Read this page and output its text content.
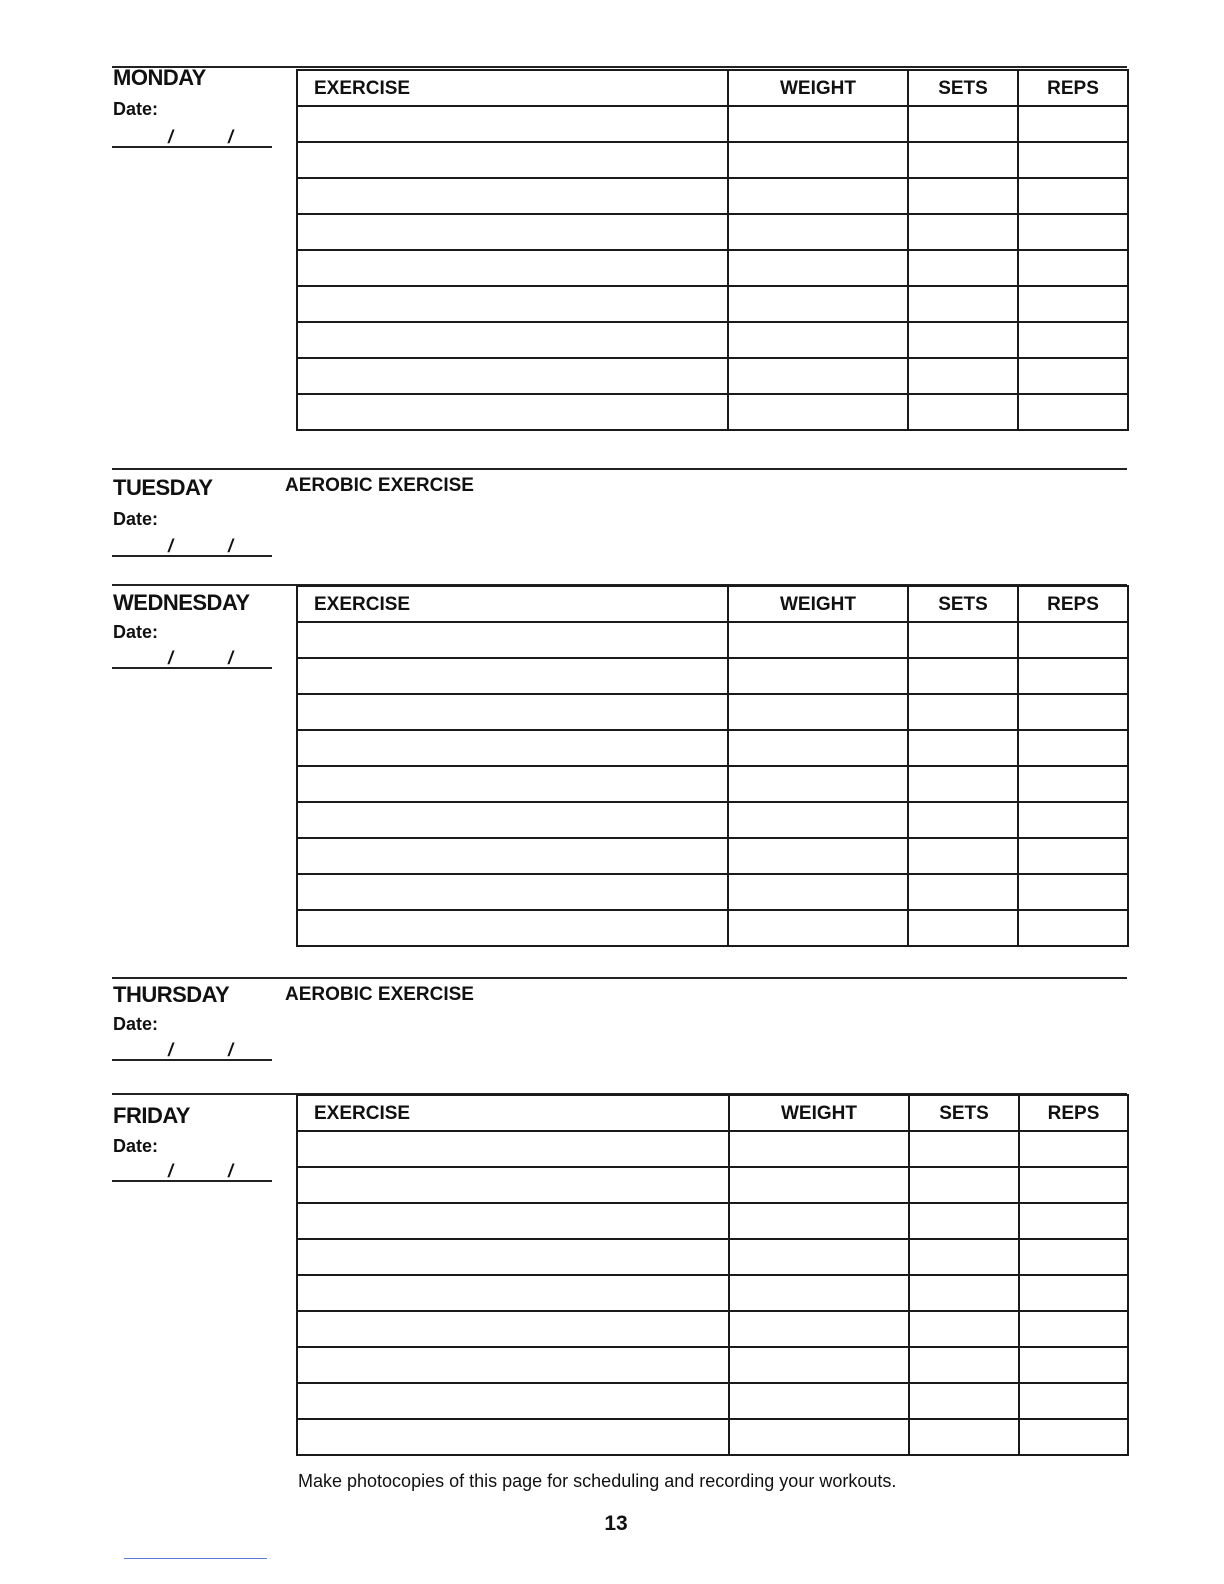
MONDAY
Date:
/	/
EXERCISE	WEIGHT	SETS	REPS

TUESDAY	AEROBIC EXERCISE
Date:
/	/
WEDNESDAY
Date:
/	/
EXERCISE	WEIGHT	SETS	REPS

THURSDAY	AEROBIC EXERCISE
Date:
/	/
FRIDAY
Date:
/	/
EXERCISE	WEIGHT	SETS	REPS

Make photocopies of this page for scheduling and recording your workouts.
13
